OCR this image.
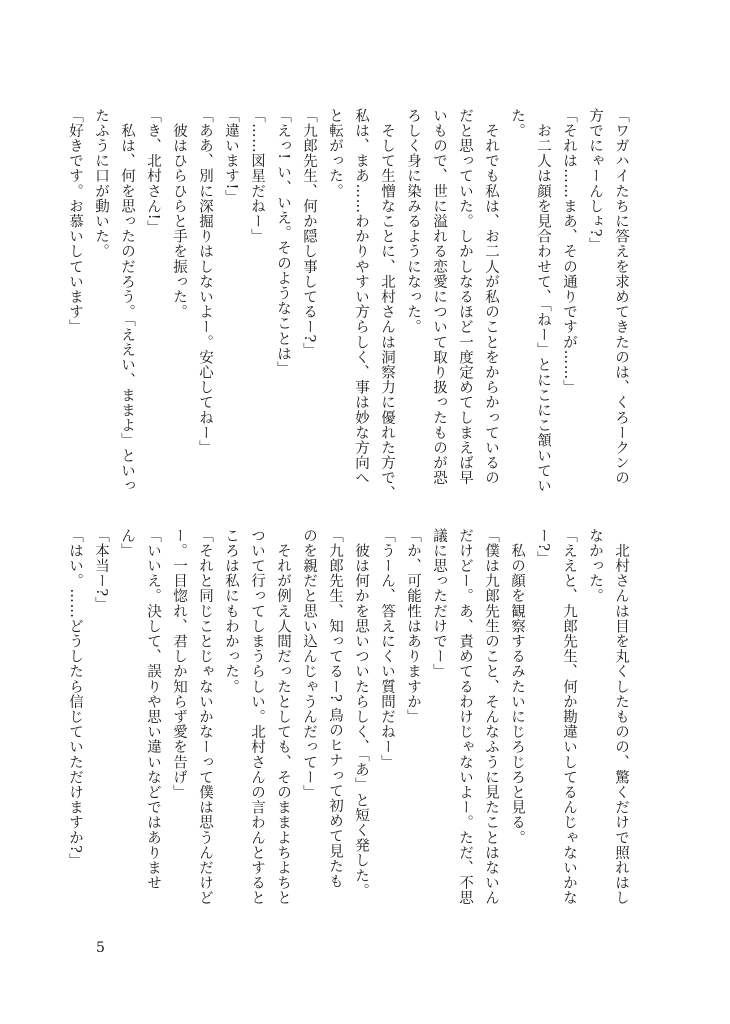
「ワガハイたちに答えを求めてきたのは、くろークンの

方でにゃーんしょ?」

「それは……まあ、その通りですが……」

　お二人は顔を見合わせて、「ねー」とにこにこ頷いてい

た。

　それでも私は、お二人が私のことをからかっているの

だと思っていた。しかしなるほど一度定めてしまえば早

いもので、世に溢れる恋愛について取り扱ったものが恐

ろしく身に染みるようになった。

　そして生憎なことに、北村さんは洞察力に優れた方で、

私は、まあ……わかりやすい方らしく、事は妙な方向へ

と転がった。

「九郎先生、何か隠し事してるー?」

「えっ! い、いえ。そのようなことは」

「……図星だねー」

「違います!」

「ああ、別に深掘りはしないよー。安心してねー」

　彼はひらひらと手を振った。

「き、北村さん!」

　私は、何を思ったのだろう。「ええい、ままよ」といっ

たふうに口が動いた。

「好きです。お慕いしています」

　北村さんは目を丸くしたものの、驚くだけで照れはし

なかった。

「ええと、九郎先生、何か勘違いしてるんじゃないかな

ー?」

　私の顔を観察するみたいにじろじろと見る。

「僕は九郎先生のこと、そんなふうに見たことはないん

だけどー。あ、責めてるわけじゃないよー。ただ、不思

議に思っただけでー」

「か、可能性はありますか」

「うーん、答えにくい質問だねー」

　彼は何かを思いついたらしく、「あ」と短く発した。

「九郎先生、知ってるー? 鳥のヒナって初めて見たも

のを親だと思い込んじゃうんだってー」

　それが例え人間だったとしても、そのままよちよちと

ついて行ってしまうらしい。北村さんの言わんとすると

ころは私にもわかった。

「それと同じことじゃないかなーって僕は思うんだけど

ー。一目惚れ、君しか知らず愛を告げ」

「いいえ。決して、誤りや思い違いなどではありませ

ん」

「本当ー?」

「はい。……どうしたら信じていただけますか?」

5
